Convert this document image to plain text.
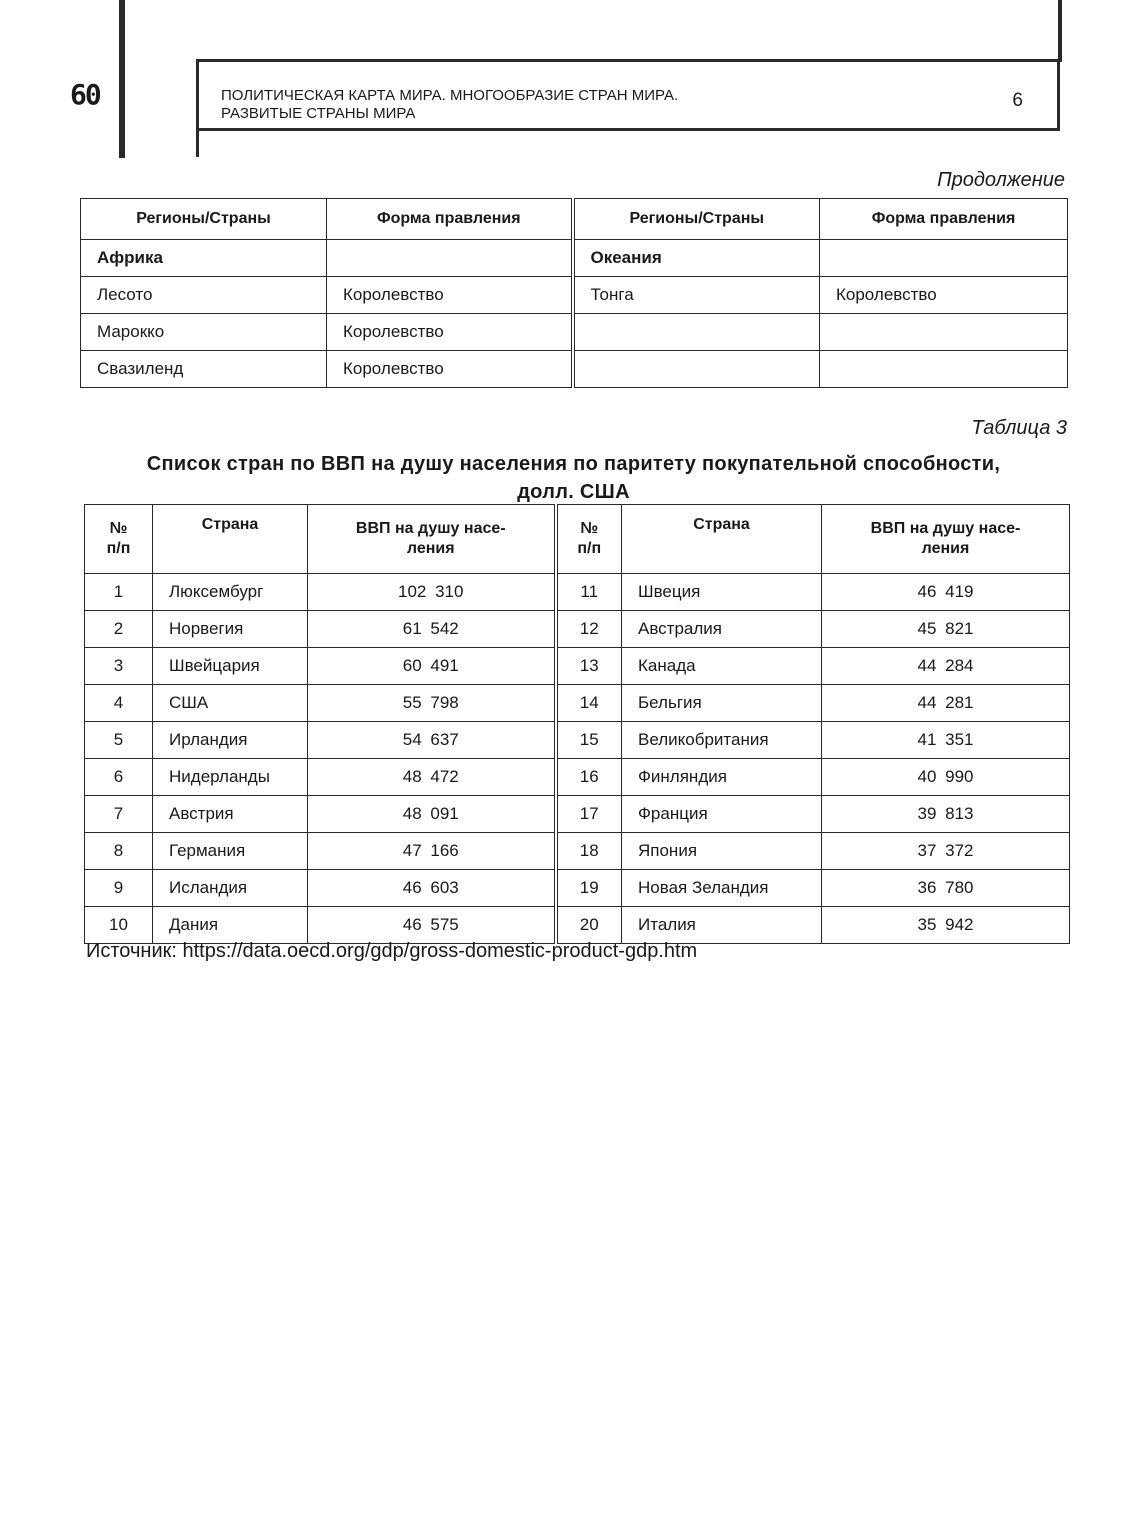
60	ПОЛИТИЧЕСКАЯ КАРТА МИРА. МНОГООБРАЗИЕ СТРАН МИРА.
РАЗВИТЫЕ СТРАНЫ МИРА
6
Продолжение
Регионы/Страны	Форма правления	Регионы/Страны	Форма правления
Африка		Океания	
Лесото	Королевство	Тонга	Королевство
Марокко	Королевство		
Свазиленд	Королевство		
Таблица 3
Список стран по ВВП на душу населения по паритету покупательной способности,
долл. США
№
п/п	Страна	ВВП на душу насе-
ления	№
п/п	Страна	ВВП на душу насе-
ления
1	Люксембург	102 310	11	Швеция	46 419
2	Норвегия	61 542	12	Австралия	45 821
3	Швейцария	60 491	13	Канада	44 284
4	США	55 798	14	Бельгия	44 281
5	Ирландия	54 637	15	Великобритания	41 351
6	Нидерланды	48 472	16	Финляндия	40 990
7	Австрия	48 091	17	Франция	39 813
8	Германия	47 166	18	Япония	37 372
9	Исландия	46 603	19	Новая Зеландия	36 780
10	Дания	46 575	20	Италия	35 942
Источник: https://data.oecd.org/gdp/gross-domestic-product-gdp.htm
